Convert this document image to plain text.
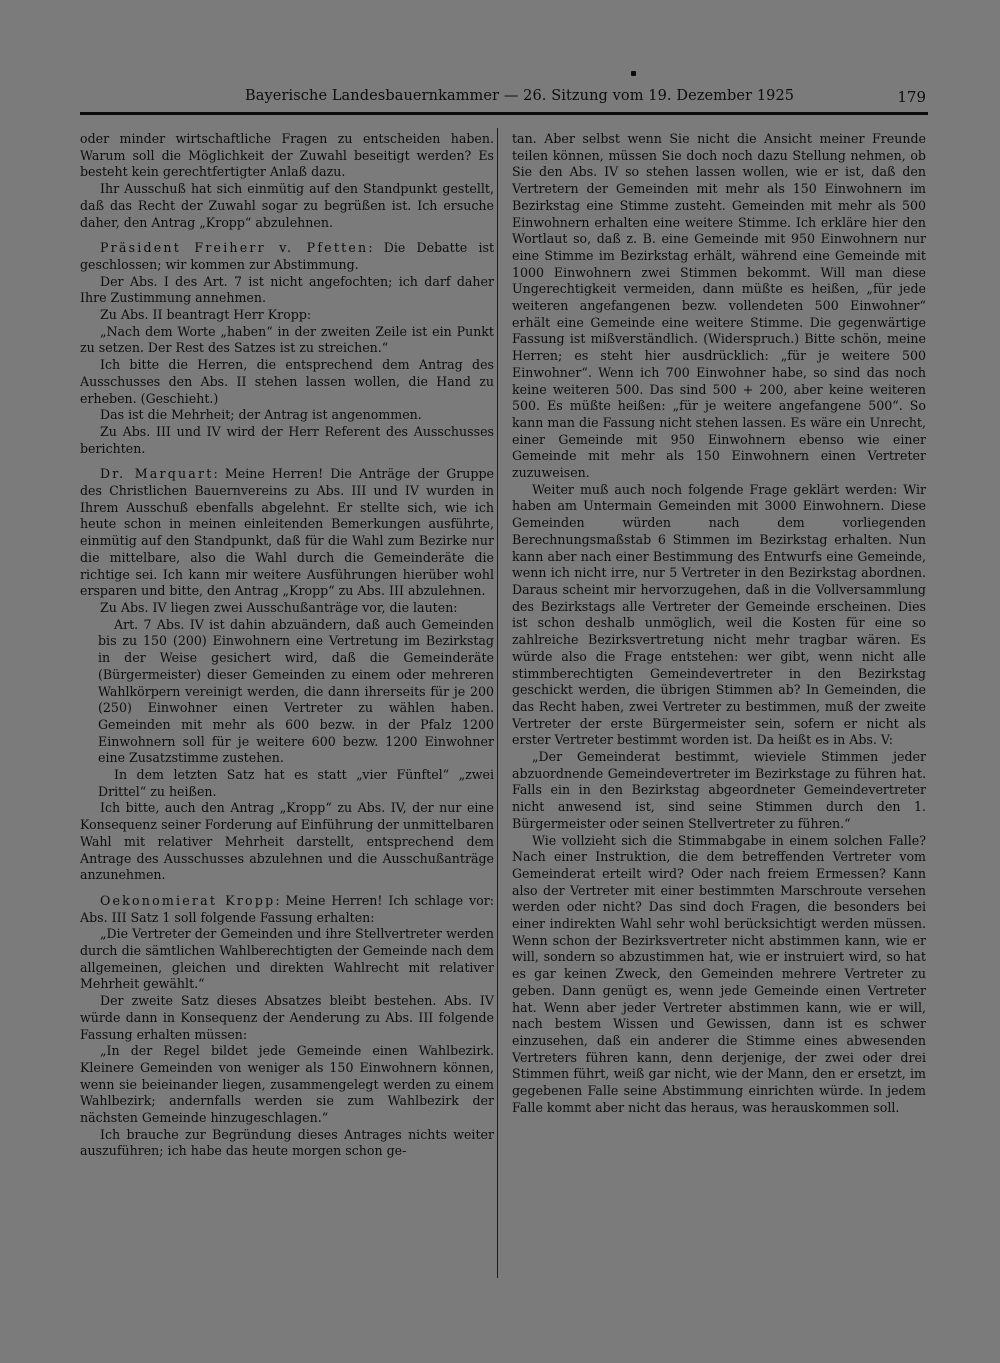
Bayerische Landesbauernkammer — 26. Sitzung vom 19. Dezember 1925	179

oder minder wirtschaftliche Fragen zu entscheiden haben. Warum soll die Möglichkeit der Zuwahl beseitigt werden? Es besteht kein gerechtfertigter Anlaß dazu.

Ihr Ausschuß hat sich einmütig auf den Standpunkt gestellt, daß das Recht der Zuwahl sogar zu begrüßen ist. Ich ersuche daher, den Antrag „Kropp“ abzulehnen.

Präsident Freiherr v. Pfetten: Die Debatte ist geschlossen; wir kommen zur Abstimmung.

Der Abs. I des Art. 7 ist nicht angefochten; ich darf daher Ihre Zustimmung annehmen.

Zu Abs. II beantragt Herr Kropp:

„Nach dem Worte „haben“ in der zweiten Zeile ist ein Punkt zu setzen. Der Rest des Satzes ist zu streichen.“

Ich bitte die Herren, die entsprechend dem Antrag des Ausschusses den Abs. II stehen lassen wollen, die Hand zu erheben. (Geschieht.)

Das ist die Mehrheit; der Antrag ist angenommen.

Zu Abs. III und IV wird der Herr Referent des Ausschusses berichten.

Dr. Marquart: Meine Herren! Die Anträge der Gruppe des Christlichen Bauernvereins zu Abs. III und IV wurden in Ihrem Ausschuß ebenfalls abgelehnt. Er stellte sich, wie ich heute schon in meinen einleitenden Bemerkungen ausführte, einmütig auf den Standpunkt, daß für die Wahl zum Bezirke nur die mittelbare, also die Wahl durch die Gemeinderäte die richtige sei. Ich kann mir weitere Ausführungen hierüber wohl ersparen und bitte, den Antrag „Kropp“ zu Abs. III abzulehnen.

Zu Abs. IV liegen zwei Ausschußanträge vor, die lauten:

Art. 7 Abs. IV ist dahin abzuändern, daß auch Gemeinden bis zu 150 (200) Einwohnern eine Vertretung im Bezirkstag in der Weise gesichert wird, daß die Gemeinderäte (Bürgermeister) dieser Gemeinden zu einem oder mehreren Wahlkörpern vereinigt werden, die dann ihrerseits für je 200 (250) Einwohner einen Vertreter zu wählen haben. Gemeinden mit mehr als 600 bezw. in der Pfalz 1200 Einwohnern soll für je weitere 600 bezw. 1200 Einwohner eine Zusatzstimme zustehen.

In dem letzten Satz hat es statt „vier Fünftel“ „zwei Drittel“ zu heißen.

Ich bitte, auch den Antrag „Kropp“ zu Abs. IV, der nur eine Konsequenz seiner Forderung auf Einführung der unmittelbaren Wahl mit relativer Mehrheit darstellt, entsprechend dem Antrage des Ausschusses abzulehnen und die Ausschußanträge anzunehmen.

Oekonomierat Kropp: Meine Herren! Ich schlage vor: Abs. III Satz 1 soll folgende Fassung erhalten:

„Die Vertreter der Gemeinden und ihre Stellvertreter werden durch die sämtlichen Wahlberechtigten der Gemeinde nach dem allgemeinen, gleichen und direkten Wahlrecht mit relativer Mehrheit gewählt.“

Der zweite Satz dieses Absatzes bleibt bestehen. Abs. IV würde dann in Konsequenz der Aenderung zu Abs. III folgende Fassung erhalten müssen:

„In der Regel bildet jede Gemeinde einen Wahlbezirk. Kleinere Gemeinden von weniger als 150 Einwohnern können, wenn sie beieinander liegen, zusammengelegt werden zu einem Wahlbezirk; andernfalls werden sie zum Wahlbezirk der nächsten Gemeinde hinzugeschlagen.“

Ich brauche zur Begründung dieses Antrages nichts weiter auszuführen; ich habe das heute morgen schon ge-

tan. Aber selbst wenn Sie nicht die Ansicht meiner Freunde teilen können, müssen Sie doch noch dazu Stellung nehmen, ob Sie den Abs. IV so stehen lassen wollen, wie er ist, daß den Vertretern der Gemeinden mit mehr als 150 Einwohnern im Bezirkstag eine Stimme zusteht. Gemeinden mit mehr als 500 Einwohnern erhalten eine weitere Stimme. Ich erkläre hier den Wortlaut so, daß z. B. eine Gemeinde mit 950 Einwohnern nur eine Stimme im Bezirkstag erhält, während eine Gemeinde mit 1000 Einwohnern zwei Stimmen bekommt. Will man diese Ungerechtigkeit vermeiden, dann müßte es heißen, „für jede weiteren angefangenen bezw. vollendeten 500 Einwohner“ erhält eine Gemeinde eine weitere Stimme. Die gegenwärtige Fassung ist mißverständlich. (Widerspruch.) Bitte schön, meine Herren; es steht hier ausdrücklich: „für je weitere 500 Einwohner“. Wenn ich 700 Einwohner habe, so sind das noch keine weiteren 500. Das sind 500 + 200, aber keine weiteren 500. Es müßte heißen: „für je weitere angefangene 500“. So kann man die Fassung nicht stehen lassen. Es wäre ein Unrecht, einer Gemeinde mit 950 Einwohnern ebenso wie einer Gemeinde mit mehr als 150 Einwohnern einen Vertreter zuzuweisen.

Weiter muß auch noch folgende Frage geklärt werden: Wir haben am Untermain Gemeinden mit 3000 Einwohnern. Diese Gemeinden würden nach dem vorliegenden Berechnungsmaßstab 6 Stimmen im Bezirkstag erhalten. Nun kann aber nach einer Bestimmung des Entwurfs eine Gemeinde, wenn ich nicht irre, nur 5 Vertreter in den Bezirkstag abordnen. Daraus scheint mir hervorzugehen, daß in die Vollversammlung des Bezirkstags alle Vertreter der Gemeinde erscheinen. Dies ist schon deshalb unmöglich, weil die Kosten für eine so zahlreiche Bezirksvertretung nicht mehr tragbar wären. Es würde also die Frage entstehen: wer gibt, wenn nicht alle stimmberechtigten Gemeindevertreter in den Bezirkstag geschickt werden, die übrigen Stimmen ab? In Gemeinden, die das Recht haben, zwei Vertreter zu bestimmen, muß der zweite Vertreter der erste Bürgermeister sein, sofern er nicht als erster Vertreter bestimmt worden ist. Da heißt es in Abs. V:

„Der Gemeinderat bestimmt, wieviele Stimmen jeder abzuordnende Gemeindevertreter im Bezirkstage zu führen hat. Falls ein in den Bezirkstag abgeordneter Gemeindevertreter nicht anwesend ist, sind seine Stimmen durch den 1. Bürgermeister oder seinen Stellvertreter zu führen.“

Wie vollzieht sich die Stimmabgabe in einem solchen Falle? Nach einer Instruktion, die dem betreffenden Vertreter vom Gemeinderat erteilt wird? Oder nach freiem Ermessen? Kann also der Vertreter mit einer bestimmten Marschroute versehen werden oder nicht? Das sind doch Fragen, die besonders bei einer indirekten Wahl sehr wohl berücksichtigt werden müssen. Wenn schon der Bezirksvertreter nicht abstimmen kann, wie er will, sondern so abzustimmen hat, wie er instruiert wird, so hat es gar keinen Zweck, den Gemeinden mehrere Vertreter zu geben. Dann genügt es, wenn jede Gemeinde einen Vertreter hat. Wenn aber jeder Vertreter abstimmen kann, wie er will, nach bestem Wissen und Gewissen, dann ist es schwer einzusehen, daß ein anderer die Stimme eines abwesenden Vertreters führen kann, denn derjenige, der zwei oder drei Stimmen führt, weiß gar nicht, wie der Mann, den er ersetzt, im gegebenen Falle seine Abstimmung einrichten würde. In jedem Falle kommt aber nicht das heraus, was herauskommen soll.
